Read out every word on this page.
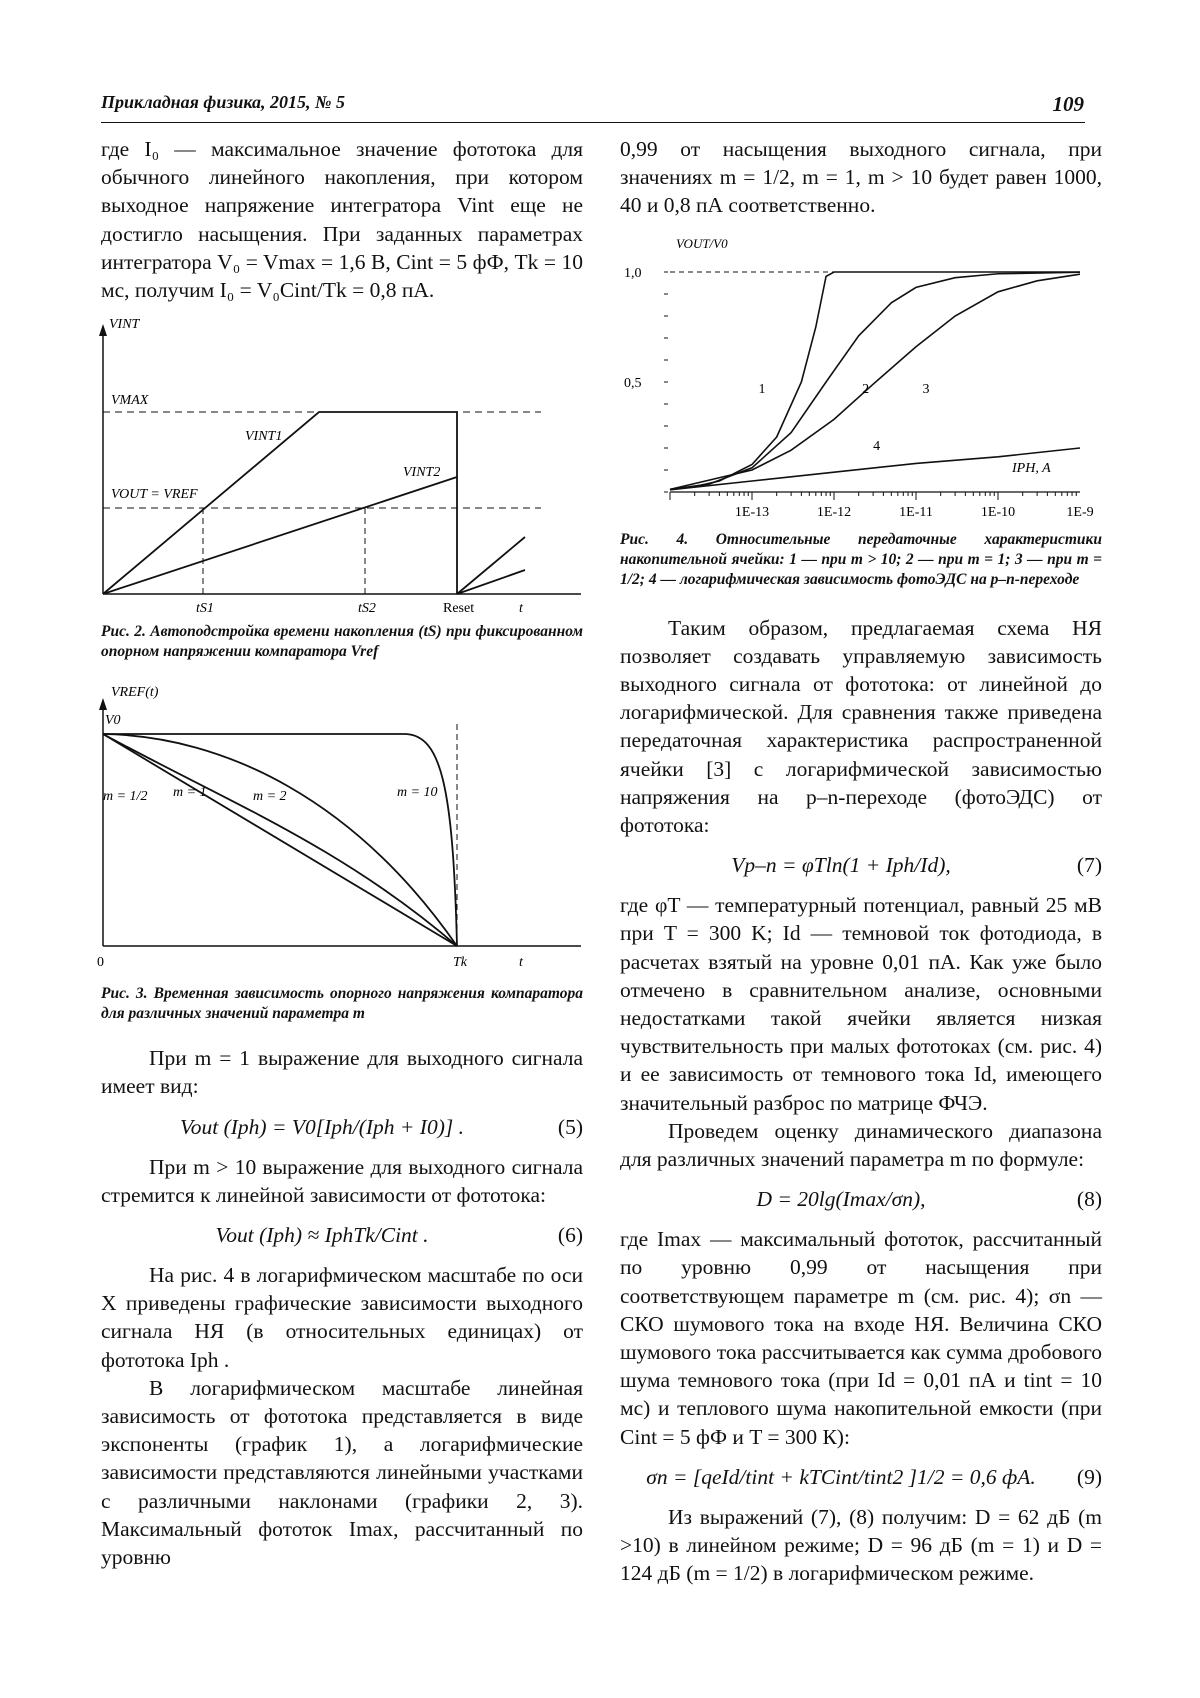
Прикладная физика, 2015, № 5	109

где I₀ — максимальное значение фототока для обычного линейного накопления, при котором выходное напряжение интегратора Vint еще не достигло насыщения. При заданных параметрах интегратора V₀ = Vmax = 1,6 В, Cint = 5 фФ, Tk = 10 мс, получим I₀ = V₀Cint/Tk = 0,8 пА.

VINT
VMAX
VINT1
VINT2
VOUT = VREF
tS1	tS2	Reset	t

Рис. 2. Автоподстройка времени накопления (tS) при фиксированном опорном напряжении компаратора Vref

VREF(t)
V0
m = 1/2 m = 1	m = 2	m = 10
0	Tk	t

Рис. 3. Временная зависимость опорного напряжения компаратора для различных значений параметра m

При m = 1 выражение для выходного сигнала имеет вид:

Vout (Iph) = V0[Iph/(Iph + I0)] .	(5)

При m > 10 выражение для выходного сигнала стремится к линейной зависимости от фототока:

Vout (Iph) ≈ IphTk/Cint .	(6)

На рис. 4 в логарифмическом масштабе по оси X приведены графические зависимости выходного сигнала НЯ (в относительных единицах) от фототока Iph .

В логарифмическом масштабе линейная зависимость от фототока представляется в виде экспоненты (график 1), а логарифмические зависимости представляются линейными участками с различными наклонами (графики 2, 3). Максимальный фототок Imax, рассчитанный по уровню

0,99 от насыщения выходного сигнала, при значениях m = 1/2, m = 1, m > 10 будет равен 1000, 40 и 0,8 пА соответственно.

VOUT/V0
IPH, A
1,0
0,5
1E-13	1E-12	1E-11	1E-10	1E-9
1	2	3
4

Рис. 4. Относительные передаточные характеристики накопительной ячейки: 1 — при m > 10; 2 — при m = 1; 3 — при m = 1/2; 4 — логарифмическая зависимость фотоЭДС на p–n-переходе

Таким образом, предлагаемая схема НЯ позволяет создавать управляемую зависимость выходного сигнала от фототока: от линейной до логарифмической. Для сравнения также приведена передаточная характеристика распространенной ячейки [3] с логарифмической зависимостью напряжения на p–n-переходе (фотоЭДС) от фототока:

Vp–n = φTln(1 + Iph/Id),	(7)

где φT — температурный потенциал, равный 25 мВ при T = 300 K; Id — темновой ток фотодиода, в расчетах взятый на уровне 0,01 пА. Как уже было отмечено в сравнительном анализе, основными недостатками такой ячейки является низкая чувствительность при малых фототоках (см. рис. 4) и ее зависимость от темнового тока Id, имеющего значительный разброс по матрице ФЧЭ.

Проведем оценку динамического диапазона для различных значений параметра m по формуле:

D = 20lg(Imax/σn),	(8)

где Imax — максимальный фототок, рассчитанный по уровню 0,99 от насыщения при соответствующем параметре m (см. рис. 4); σn — СКО шумового тока на входе НЯ. Величина СКО шумового тока рассчитывается как сумма дробового шума темнового тока (при Id = 0,01 пА и tint = 10 мс) и теплового шума накопительной емкости (при Cint = 5 фФ и T = 300 К):

σn = [qeId/tint + kTCint/tint2 ]1/2 = 0,6 фА.	(9)

Из выражений (7), (8) получим: D = 62 дБ (m >10) в линейном режиме; D = 96 дБ (m = 1) и D = 124 дБ (m = 1/2) в логарифмическом режиме.
